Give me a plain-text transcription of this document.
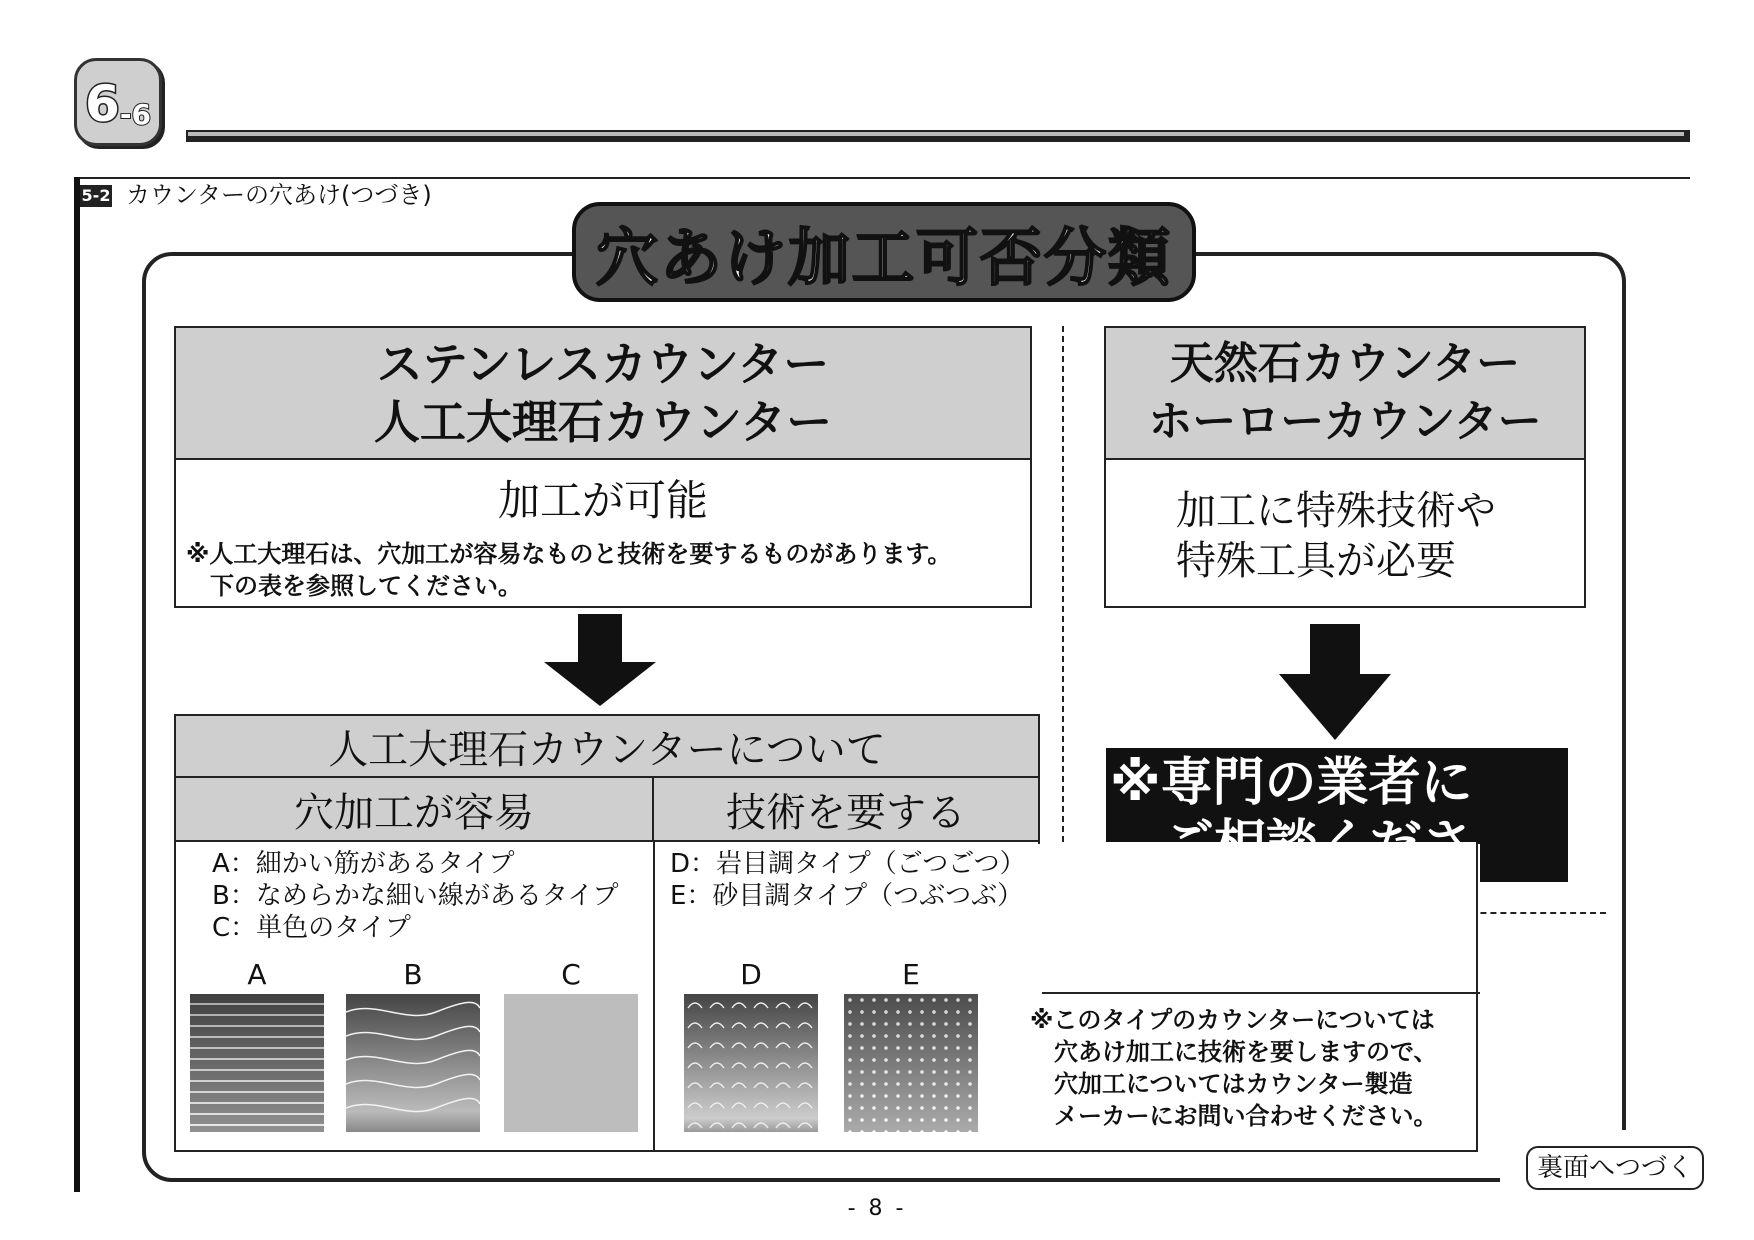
6 -6
5-2 カウンターの穴あけ(つづき)
穴あけ加工可否分類
ステンレスカウンター
人工大理石カウンター
加工が可能
※人工大理石は、穴加工が容易なものと技術を要するものがあります。
下の表を参照してください。
天然石カウンター
ホーローカウンター
加工に特殊技術や
特殊工具が必要
※専門の業者に
人工大理石カウンターについて
穴加工が容易	技術を要する
A：細かい筋があるタイプ
B：なめらかな細い線があるタイプ
C：単色のタイプ
D：岩目調タイプ（ごつごつ）
E：砂目調タイプ（つぶつぶ）
A	B	C	D	E
※このタイプのカウンターについては
穴あけ加工に技術を要しますので、
穴加工についてはカウンター製造
メーカーにお問い合わせください。
裏面へつづく
- 8 -
